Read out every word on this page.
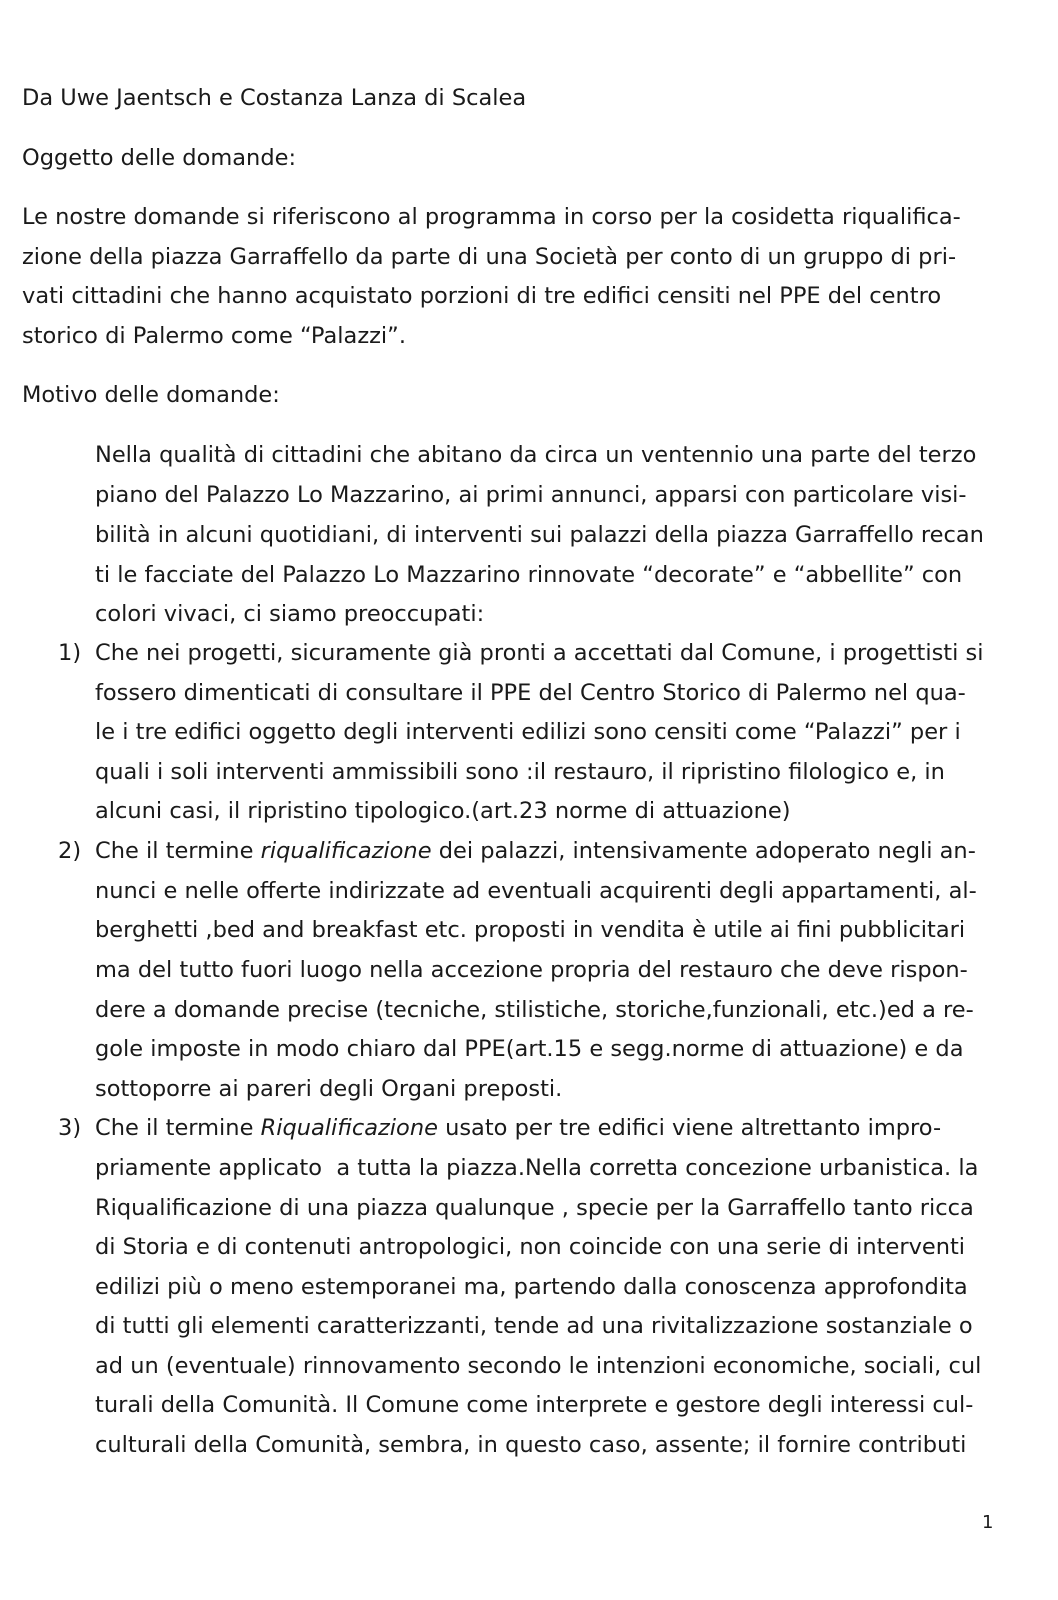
Da Uwe Jaentsch e Costanza Lanza di Scalea

Oggetto delle domande:

Le nostre domande si riferiscono al programma in corso per la cosidetta riqualifica-

zione della piazza Garraffello da parte di una Società per conto di un gruppo di pri-

vati cittadini che hanno acquistato porzioni di tre edifici censiti nel PPE del centro

storico di Palermo come “Palazzi”.

Motivo delle domande:

Nella qualità di cittadini che abitano da circa un ventennio una parte del terzo

piano del Palazzo Lo Mazzarino, ai primi annunci, apparsi con particolare visi-

bilità in alcuni quotidiani, di interventi sui palazzi della piazza Garraffello recan

ti le facciate del Palazzo Lo Mazzarino rinnovate “decorate” e “abbellite” con

colori vivaci, ci siamo preoccupati:

1) Che nei progetti, sicuramente già pronti a accettati dal Comune, i progettisti si

fossero dimenticati di consultare il PPE del Centro Storico di Palermo nel qua-

le i tre edifici oggetto degli interventi edilizi sono censiti come “Palazzi” per i

quali i soli interventi ammissibili sono :il restauro, il ripristino filologico e, in

alcuni casi, il ripristino tipologico.(art.23 norme di attuazione)

2) Che il termine riqualificazione dei palazzi, intensivamente adoperato negli an-

nunci e nelle offerte indirizzate ad eventuali acquirenti degli appartamenti, al-

berghetti ,bed and breakfast etc. proposti in vendita è utile ai fini pubblicitari

ma del tutto fuori luogo nella accezione propria del restauro che deve rispon-

dere a domande precise (tecniche, stilistiche, storiche,funzionali, etc.)ed a re-

gole imposte in modo chiaro dal PPE(art.15 e segg.norme di attuazione) e da

sottoporre ai pareri degli Organi preposti.

3) Che il termine Riqualificazione usato per tre edifici viene altrettanto impro-

priamente applicato  a tutta la piazza.Nella corretta concezione urbanistica. la

Riqualificazione di una piazza qualunque , specie per la Garraffello tanto ricca

di Storia e di contenuti antropologici, non coincide con una serie di interventi

edilizi più o meno estemporanei ma, partendo dalla conoscenza approfondita

di tutti gli elementi caratterizzanti, tende ad una rivitalizzazione sostanziale o

ad un (eventuale) rinnovamento secondo le intenzioni economiche, sociali, cul

turali della Comunità. Il Comune come interprete e gestore degli interessi cul-

culturali della Comunità, sembra, in questo caso, assente; il fornire contributi

1
